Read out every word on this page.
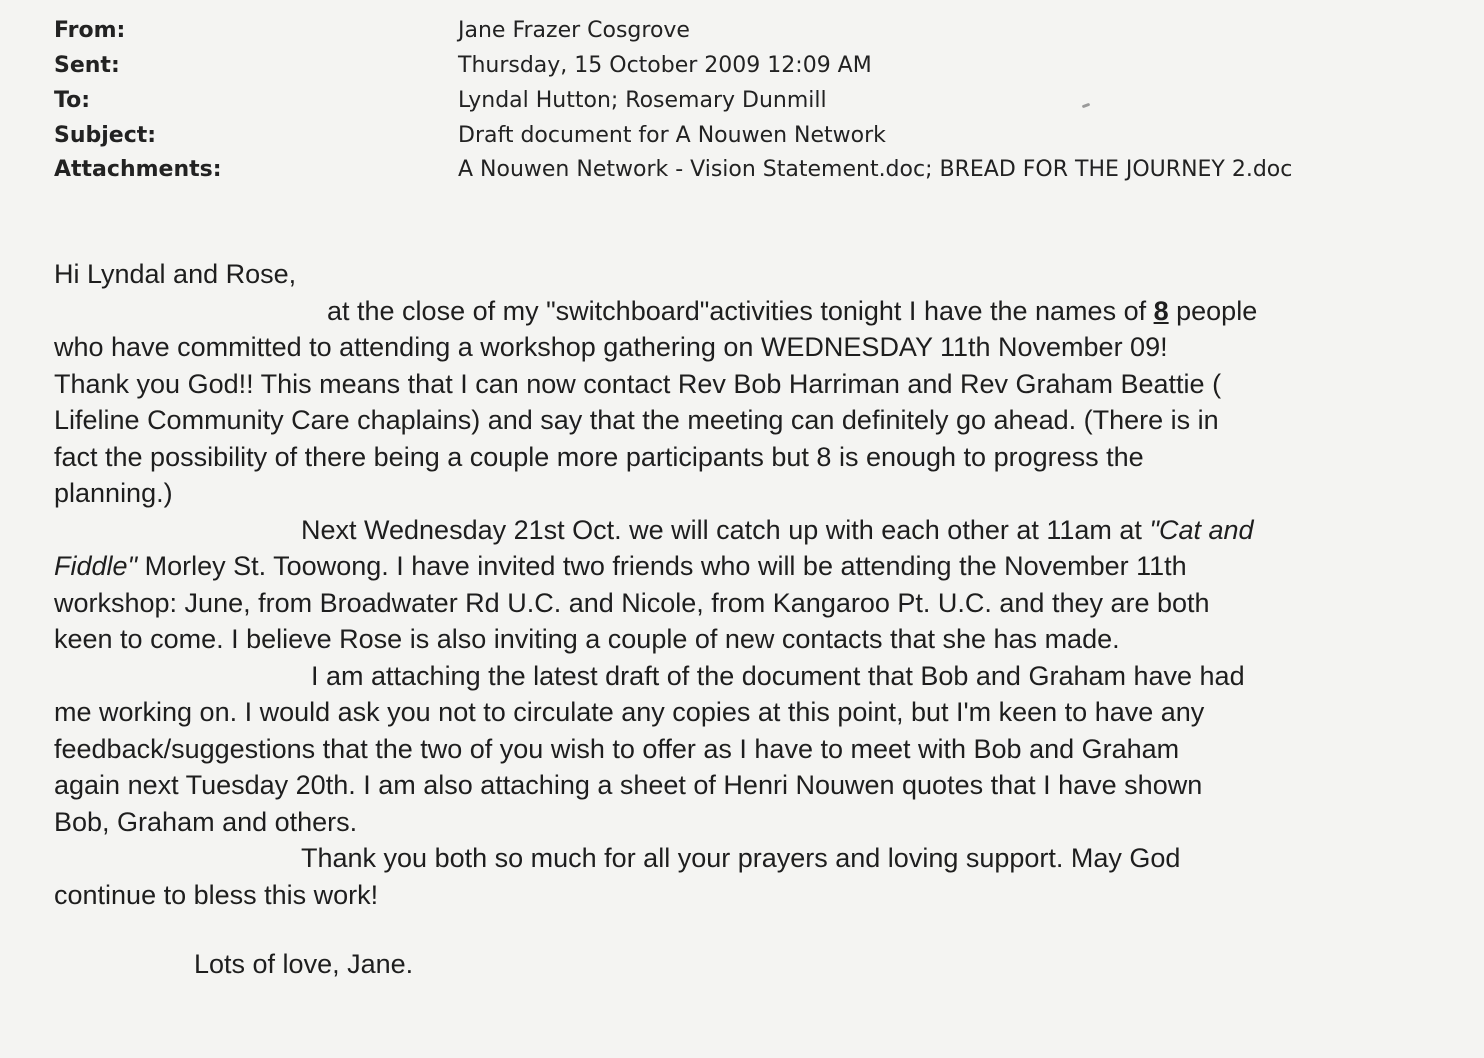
From:	Jane Frazer Cosgrove
Sent:	Thursday, 15 October 2009 12:09 AM
To:	Lyndal Hutton; Rosemary Dunmill
Subject:	Draft document for A Nouwen Network
Attachments:	A Nouwen Network - Vision Statement.doc; BREAD FOR THE JOURNEY 2.doc
Hi Lyndal and Rose,
at the close of my "switchboard"activities tonight I have the names of 8 people
who have committed to attending a workshop gathering on WEDNESDAY 11th November 09!
Thank you God!! This means that I can now contact Rev Bob Harriman and Rev Graham Beattie (
Lifeline Community Care chaplains) and say that the meeting can definitely go ahead. (There is in
fact the possibility of there being a couple more participants but 8 is enough to progress the
planning.)
Next Wednesday 21st Oct. we will catch up with each other at 11am at "Cat and
Fiddle" Morley St. Toowong. I have invited two friends who will be attending the November 11th
workshop: June, from Broadwater Rd U.C. and Nicole, from Kangaroo Pt. U.C. and they are both
keen to come. I believe Rose is also inviting a couple of new contacts that she has made.
I am attaching the latest draft of the document that Bob and Graham have had
me working on. I would ask you not to circulate any copies at this point, but I'm keen to have any
feedback/suggestions that the two of you wish to offer as I have to meet with Bob and Graham
again next Tuesday 20th. I am also attaching a sheet of Henri Nouwen quotes that I have shown
Bob, Graham and others.
Thank you both so much for all your prayers and loving support. May God
continue to bless this work!
Lots of love, Jane.
